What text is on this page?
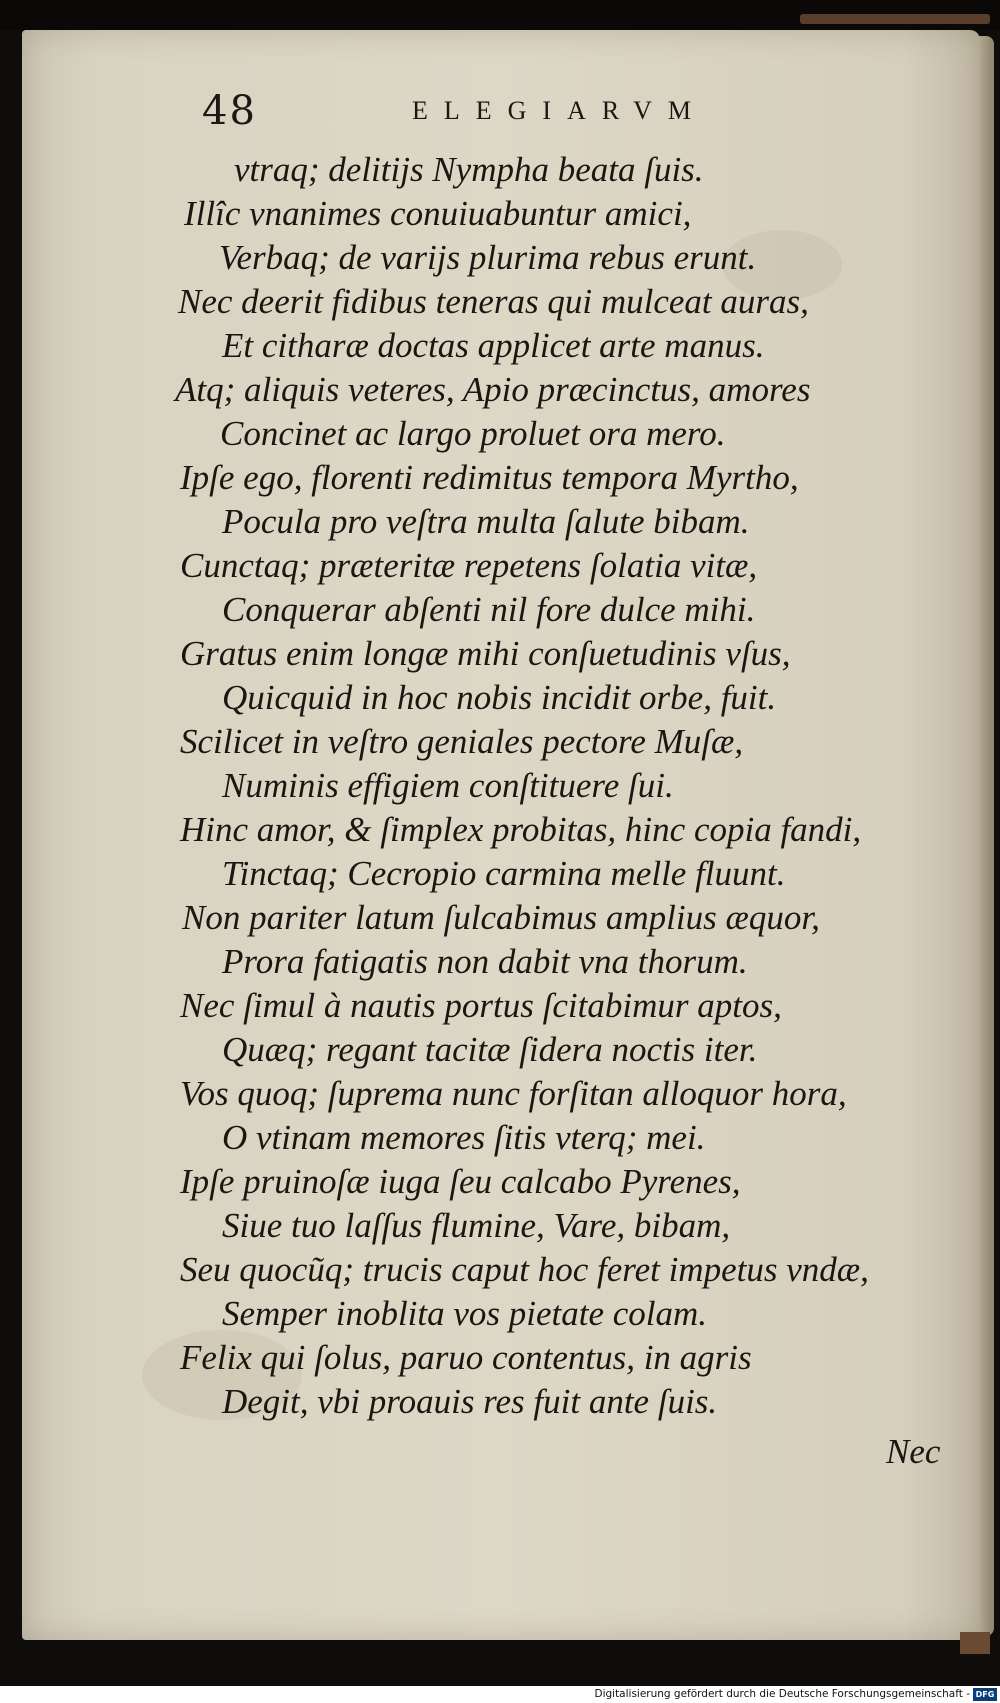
48	ELEGIARVM
vtraq; delitijs Nympha beata ſuis.
Illîc vnanimes conuiuabuntur amici,
Verbaq; de varijs plurima rebus erunt.
Nec deerit fidibus teneras qui mulceat auras,
Et citharæ doctas applicet arte manus.
Atq; aliquis veteres, Apio præcinctus, amores
Concinet ac largo proluet ora mero.
Ipſe ego, florenti redimitus tempora Myrtho,
Pocula pro veſtra multa ſalute bibam.
Cunctaq; præteritæ repetens ſolatia vitæ,
Conquerar abſenti nil fore dulce mihi.
Gratus enim longæ mihi conſuetudinis vſus,
Quicquid in hoc nobis incidit orbe, fuit.
Scilicet in veſtro geniales pectore Muſæ,
Numinis effigiem conſtituere ſui.
Hinc amor, & ſimplex probitas, hinc copia fandi,
Tinctaq; Cecropio carmina melle fluunt.
Non pariter latum ſulcabimus amplius æquor,
Prora fatigatis non dabit vna thorum.
Nec ſimul à nautis portus ſcitabimur aptos,
Quæq; regant tacitæ ſidera noctis iter.
Vos quoq; ſuprema nunc forſitan alloquor hora,
O vtinam memores ſitis vterq; mei.
Ipſe pruinoſæ iuga ſeu calcabo Pyrenes,
Siue tuo laſſus flumine, Vare, bibam,
Seu quocũq; trucis caput hoc feret impetus vndæ,
Semper inoblita vos pietate colam.
Felix qui ſolus, paruo contentus, in agris
Degit, vbi proauis res fuit ante ſuis.
Nec
Digitalisierung gefördert durch die Deutsche Forschungsgemeinschaft - DFG
